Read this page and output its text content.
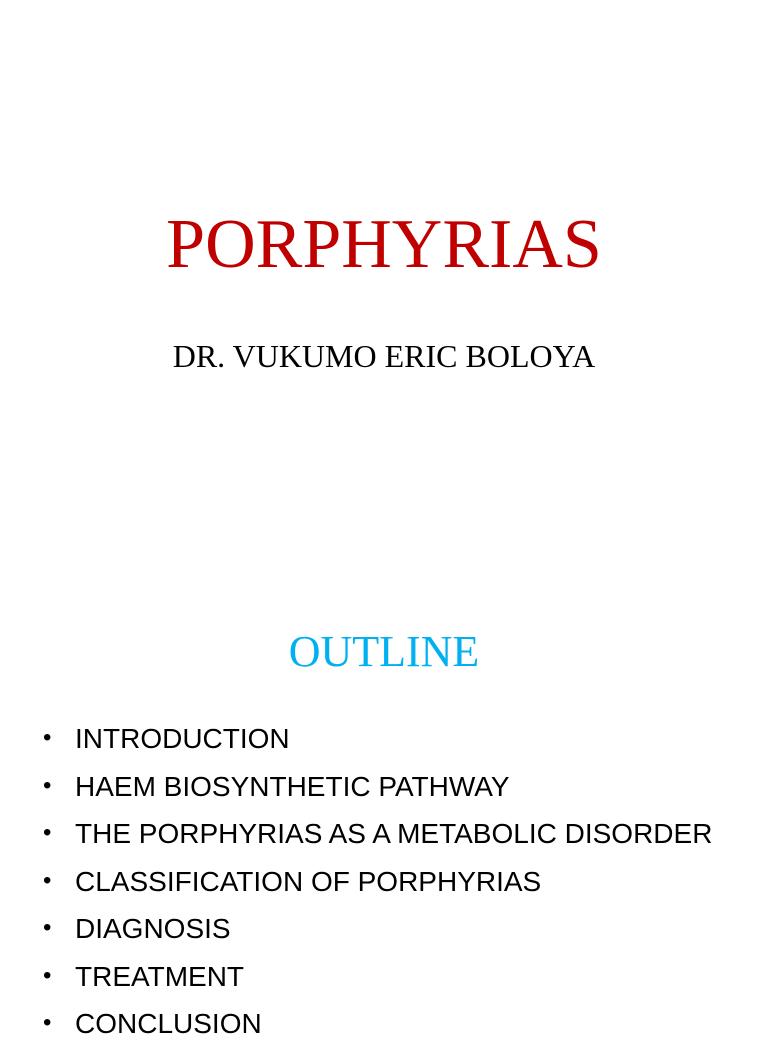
PORPHYRIAS

DR. VUKUMO ERIC BOLOYA

OUTLINE
• INTRODUCTION
• HAEM BIOSYNTHETIC PATHWAY
• THE PORPHYRIAS AS A METABOLIC DISORDER
• CLASSIFICATION OF PORPHYRIAS
• DIAGNOSIS
• TREATMENT
• CONCLUSION
